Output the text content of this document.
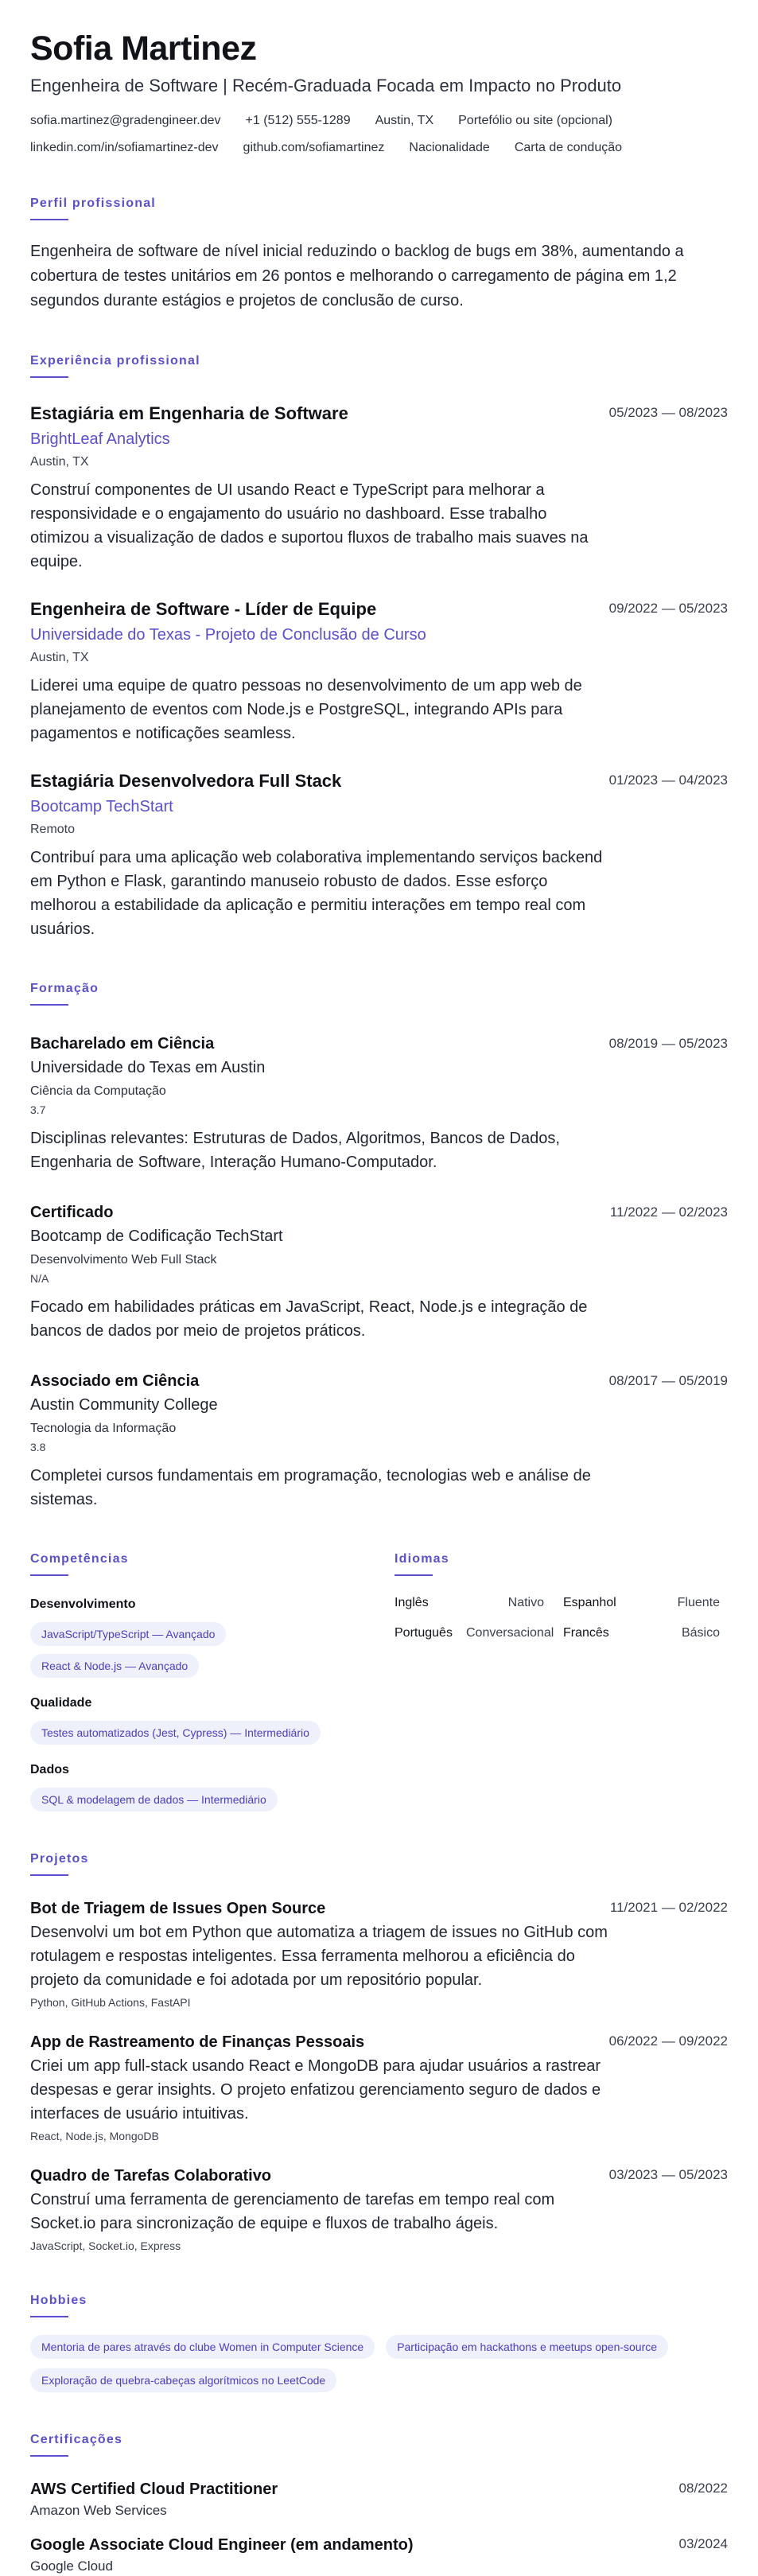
Sofia Martinez
Engenheira de Software | Recém-Graduada Focada em Impacto no Produto
sofia.martinez@gradengineer.dev +1 (512) 555-1289 Austin, TX Portefólio ou site (opcional)
linkedin.com/in/sofiamartinez-dev github.com/sofiamartinez Nacionalidade Carta de condução
Perfil profissional
Engenheira de software de nível inicial reduzindo o backlog de bugs em 38%, aumentando a cobertura de testes unitários em 26 pontos e melhorando o carregamento de página em 1,2 segundos durante estágios e projetos de conclusão de curso.
Experiência profissional
05/2023 — 08/2023
Estagiária em Engenharia de Software
BrightLeaf Analytics
Austin, TX
Construí componentes de UI usando React e TypeScript para melhorar a responsividade e o engajamento do usuário no dashboard. Esse trabalho otimizou a visualização de dados e suportou fluxos de trabalho mais suaves na equipe.
09/2022 — 05/2023
Engenheira de Software - Líder de Equipe
Universidade do Texas - Projeto de Conclusão de Curso
Austin, TX
Liderei uma equipe de quatro pessoas no desenvolvimento de um app web de planejamento de eventos com Node.js e PostgreSQL, integrando APIs para pagamentos e notificações seamless.
01/2023 — 04/2023
Estagiária Desenvolvedora Full Stack
Bootcamp TechStart
Remoto
Contribuí para uma aplicação web colaborativa implementando serviços backend em Python e Flask, garantindo manuseio robusto de dados. Esse esforço melhorou a estabilidade da aplicação e permitiu interações em tempo real com usuários.
Formação
08/2019 — 05/2023
Bacharelado em Ciência
Universidade do Texas em Austin
Ciência da Computação
3.7
Disciplinas relevantes: Estruturas de Dados, Algoritmos, Bancos de Dados, Engenharia de Software, Interação Humano-Computador.
11/2022 — 02/2023
Certificado
Bootcamp de Codificação TechStart
Desenvolvimento Web Full Stack
N/A
Focado em habilidades práticas em JavaScript, React, Node.js e integração de bancos de dados por meio de projetos práticos.
08/2017 — 05/2019
Associado em Ciência
Austin Community College
Tecnologia da Informação
3.8
Completei cursos fundamentais em programação, tecnologias web e análise de sistemas.
Competências
Desenvolvimento
JavaScript/TypeScript — Avançado
React & Node.js — Avançado
Qualidade
Testes automatizados (Jest, Cypress) — Intermediário
Dados
SQL & modelagem de dados — Intermediário
Idiomas
Inglês	Nativo	Espanhol	Fluente
Português	Conversacional Francês	Básico
Projetos
11/2021 — 02/2022
Bot de Triagem de Issues Open Source
Desenvolvi um bot em Python que automatiza a triagem de issues no GitHub com rotulagem e respostas inteligentes. Essa ferramenta melhorou a eficiência do projeto da comunidade e foi adotada por um repositório popular.
Python, GitHub Actions, FastAPI
06/2022 — 09/2022
App de Rastreamento de Finanças Pessoais
Criei um app full-stack usando React e MongoDB para ajudar usuários a rastrear despesas e gerar insights. O projeto enfatizou gerenciamento seguro de dados e interfaces de usuário intuitivas.
React, Node.js, MongoDB
03/2023 — 05/2023
Quadro de Tarefas Colaborativo
Construí uma ferramenta de gerenciamento de tarefas em tempo real com Socket.io para sincronização de equipe e fluxos de trabalho ágeis.
JavaScript, Socket.io, Express
Hobbies
Mentoria de pares através do clube Women in Computer Science	Participação em hackathons e meetups open-source
Exploração de quebra-cabeças algorítmicos no LeetCode
Certificações
08/2022
AWS Certified Cloud Practitioner
Amazon Web Services
03/2024
Google Associate Cloud Engineer (em andamento)
Google Cloud
